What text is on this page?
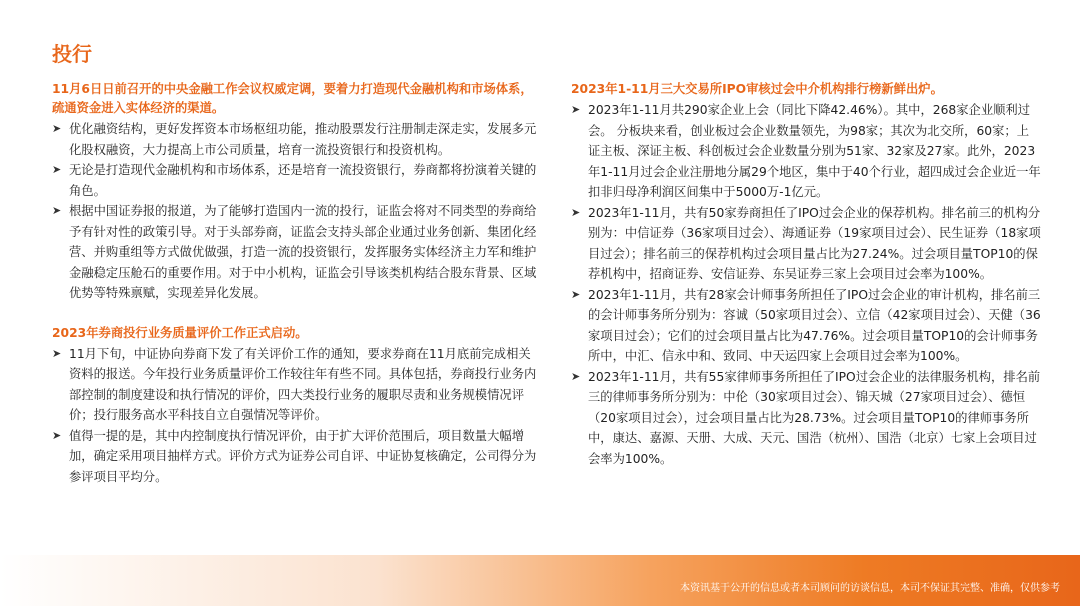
投行

11月6日日前召开的中央金融工作会议权威定调，要着力打造现代金融机构和市场体系，疏通资金进入实体经济的渠道。

➤ 优化融资结构，更好发挥资本市场枢纽功能，推动股票发行注册制走深走实，发展多元化股权融资，大力提高上市公司质量，培育一流投资银行和投资机构。
➤ 无论是打造现代金融机构和市场体系，还是培育一流投资银行，券商都将扮演着关键的角色。
➤ 根据中国证券报的报道，为了能够打造国内一流的投行，证监会将对不同类型的券商给予有针对性的政策引导。对于头部券商，证监会支持头部企业通过业务创新、集团化经营、并购重组等方式做优做强，打造一流的投资银行，发挥服务实体经济主力军和维护金融稳定压舱石的重要作用。对于中小机构，证监会引导该类机构结合股东背景、区域优势等特殊禀赋，实现差异化发展。

2023年券商投行业务质量评价工作正式启动。

➤ 11月下旬，中证协向券商下发了有关评价工作的通知，要求券商在11月底前完成相关资料的报送。今年投行业务质量评价工作较往年有些不同。具体包括，券商投行业务内部控制的制度建设和执行情况的评价，四大类投行业务的履职尽责和业务规模情况评价；投行服务高水平科技自立自强情况等评价。
➤ 值得一提的是，其中内控制度执行情况评价，由于扩大评价范围后，项目数量大幅增加，确定采用项目抽样方式。评价方式为证券公司自评、中证协复核确定，公司得分为参评项目平均分。

2023年1-11月三大交易所IPO审核过会中介机构排行榜新鲜出炉。

➤ 2023年1-11月共290家企业上会（同比下降42.46%）。其中，268家企业顺利过会。 分板块来看，创业板过会企业数量领先，为98家；其次为北交所，60家；上证主板、深证主板、科创板过会企业数量分别为51家、32家及27家。此外，2023年1-11月过会企业注册地分属29个地区，集中于40个行业，超四成过会企业近一年扣非归母净利润区间集中于5000万-1亿元。
➤ 2023年1-11月，共有50家券商担任了IPO过会企业的保荐机构。排名前三的机构分别为：中信证券（36家项目过会）、海通证券（19家项目过会）、民生证券（18家项目过会）；排名前三的保荐机构过会项目量占比为27.24%。过会项目量TOP10的保荐机构中，招商证券、安信证券、东吴证券三家上会项目过会率为100%。
➤ 2023年1-11月，共有28家会计师事务所担任了IPO过会企业的审计机构，排名前三的会计师事务所分别为：容诚（50家项目过会）、立信（42家项目过会）、天健（36家项目过会）；它们的过会项目量占比为47.76%。过会项目量TOP10的会计师事务所中，中汇、信永中和、致同、中天运四家上会项目过会率为100%。
➤ 2023年1-11月，共有55家律师事务所担任了IPO过会企业的法律服务机构，排名前三的律师事务所分别为：中伦（30家项目过会）、锦天城（27家项目过会）、德恒（20家项目过会），过会项目量占比为28.73%。过会项目量TOP10的律师事务所中，康达、嘉源、天册、大成、天元、国浩（杭州）、国浩（北京）七家上会项目过会率为100%。
本资讯基于公开的信息或者本司顾问的访谈信息，本司不保证其完整、准确，仅供参考
